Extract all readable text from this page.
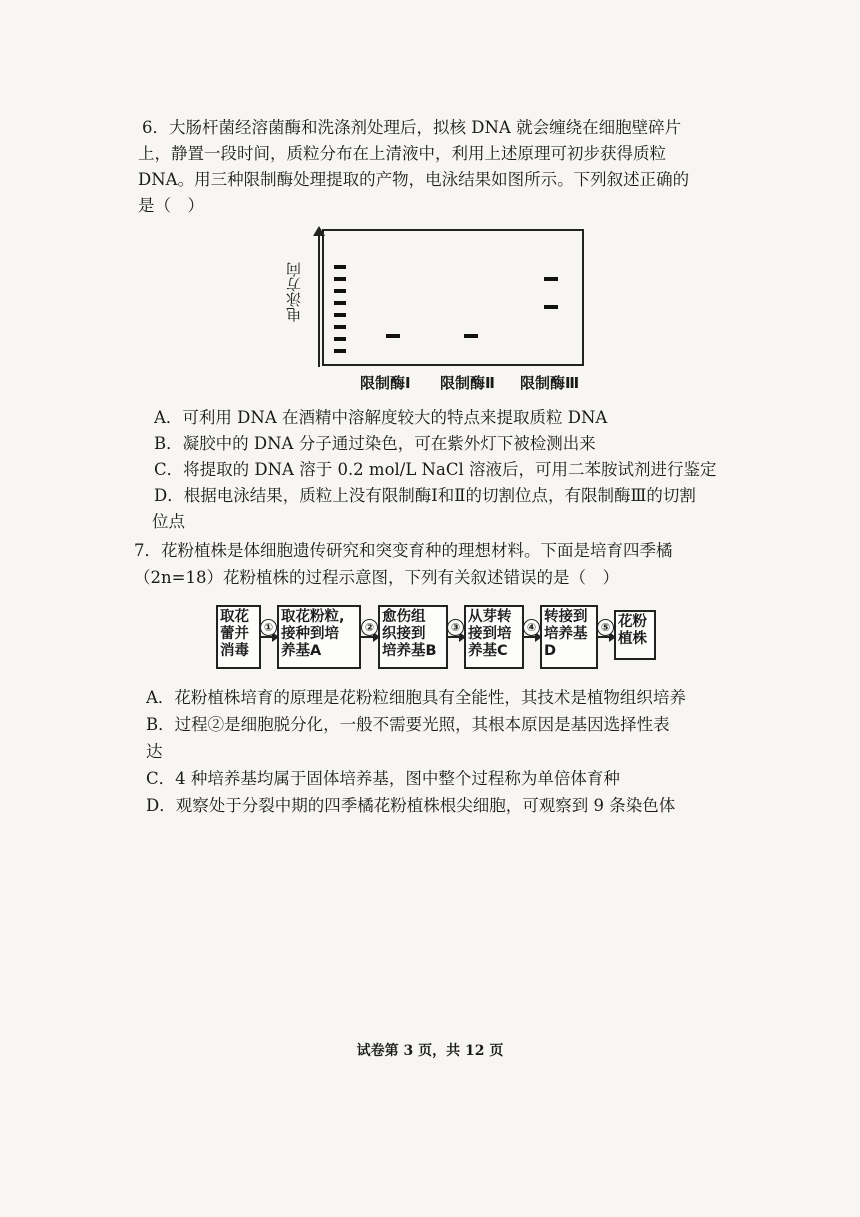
6．大肠杆菌经溶菌酶和洗涤剂处理后，拟核 DNA 就会缠绕在细胞壁碎片
上，静置一段时间，质粒分布在上清液中，利用上述原理可初步获得质粒
DNA。用三种限制酶处理提取的产物，电泳结果如图所示。下列叙述正确的
是（　）
电泳方向
限制酶Ⅰ 限制酶Ⅱ 限制酶Ⅲ
A．可利用 DNA 在酒精中溶解度较大的特点来提取质粒 DNA
B．凝胶中的 DNA 分子通过染色，可在紫外灯下被检测出来
C．将提取的 DNA 溶于 0.2 mol/L NaCl 溶液后，可用二苯胺试剂进行鉴定
D．根据电泳结果，质粒上没有限制酶Ⅰ和Ⅱ的切割位点，有限制酶Ⅲ的切割
位点
7．花粉植株是体细胞遗传研究和突变育种的理想材料。下面是培育四季橘
（2n=18）花粉植株的过程示意图，下列有关叙述错误的是（　）
取花
蕾并
消毒
①
取花粉粒,
接种到培
养基A
②
愈伤组
织接到
培养基B
③
从芽转
接到培
养基C
④
转接到
培养基
D
⑤ 花粉
植株
A．花粉植株培育的原理是花粉粒细胞具有全能性，其技术是植物组织培养
B．过程②是细胞脱分化，一般不需要光照，其根本原因是基因选择性表
达
C．4 种培养基均属于固体培养基，图中整个过程称为单倍体育种
D．观察处于分裂中期的四季橘花粉植株根尖细胞，可观察到 9 条染色体
试卷第 3 页，共 12 页
